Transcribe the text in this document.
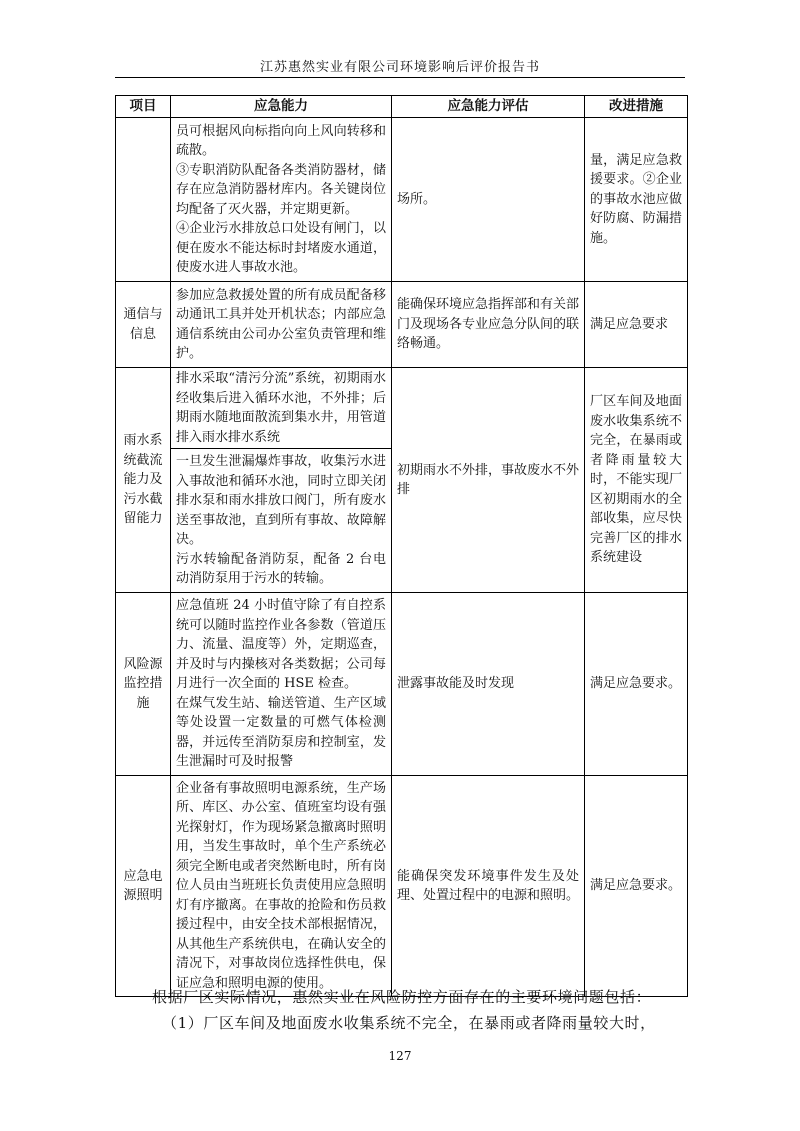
江苏惠然实业有限公司环境影响后评价报告书
项目	应急能力	应急能力评估	改进措施

	员可根据风向标指向向上风向转移和疏散。
③专职消防队配备各类消防器材，储存在应急消防器材库内。各关键岗位均配备了灭火器，并定期更新。
④企业污水排放总口处设有闸门，以便在废水不能达标时封堵废水通道，使废水进人事故水池。	场所。	量，满足应急救援要求。②企业的事故水池应做好防腐、防漏措施。
通信与信息	参加应急救援处置的所有成员配备移动通讯工具并处开机状态；内部应急通信系统由公司办公室负责管理和维护。	能确保环境应急指挥部和有关部门及现场各专业应急分队间的联络畅通。	满足应急要求
雨水系统截流能力及污水截留能力	排水采取“清污分流”系统，初期雨水经收集后进入循环水池，不外排；后期雨水随地面散流到集水井，用管道排入雨水排水系统	初期雨水不外排，事故废水不外排	厂区车间及地面废水收集系统不完全，在暴雨或者降雨量较大时，不能实现厂区初期雨水的全部收集，应尽快完善厂区的排水系统建设

	一旦发生泄漏爆炸事故，收集污水进入事故池和循环水池，同时立即关闭排水泵和雨水排放口阀门，所有废水送至事故池，直到所有事故、故障解决。
污水转输配备消防泵，配备 2 台电动消防泵用于污水的转输。		

风险源监控措施	应急值班 24 小时值守除了有自控系统可以随时监控作业各参数（管道压力、流量、温度等）外，定期巡查，并及时与内操核对各类数据；公司每月进行一次全面的 HSE 检查。
在煤气发生站、输送管道、生产区域等处设置一定数量的可燃气体检测器，并远传至消防泵房和控制室，发生泄漏时可及时报警	泄露事故能及时发现	满足应急要求。
应急电源照明	企业备有事故照明电源系统，生产场所、库区、办公室、值班室均设有强光探射灯，作为现场紧急撤离时照明用，当发生事故时，单个生产系统必须完全断电或者突然断电时，所有岗位人员由当班班长负责使用应急照明灯有序撤离。在事故的抢险和伤员救援过程中，由安全技术部根据情况，从其他生产系统供电，在确认安全的清况下，对事故岗位选择性供电，保证应急和照明电源的使用。	能确保突发环境事件发生及处理、处置过程中的电源和照明。	满足应急要求。
根据厂区实际情况，惠然实业在风险防控方面存在的主要环境问题包括：
（1）厂区车间及地面废水收集系统不完全，在暴雨或者降雨量较大时，
127
